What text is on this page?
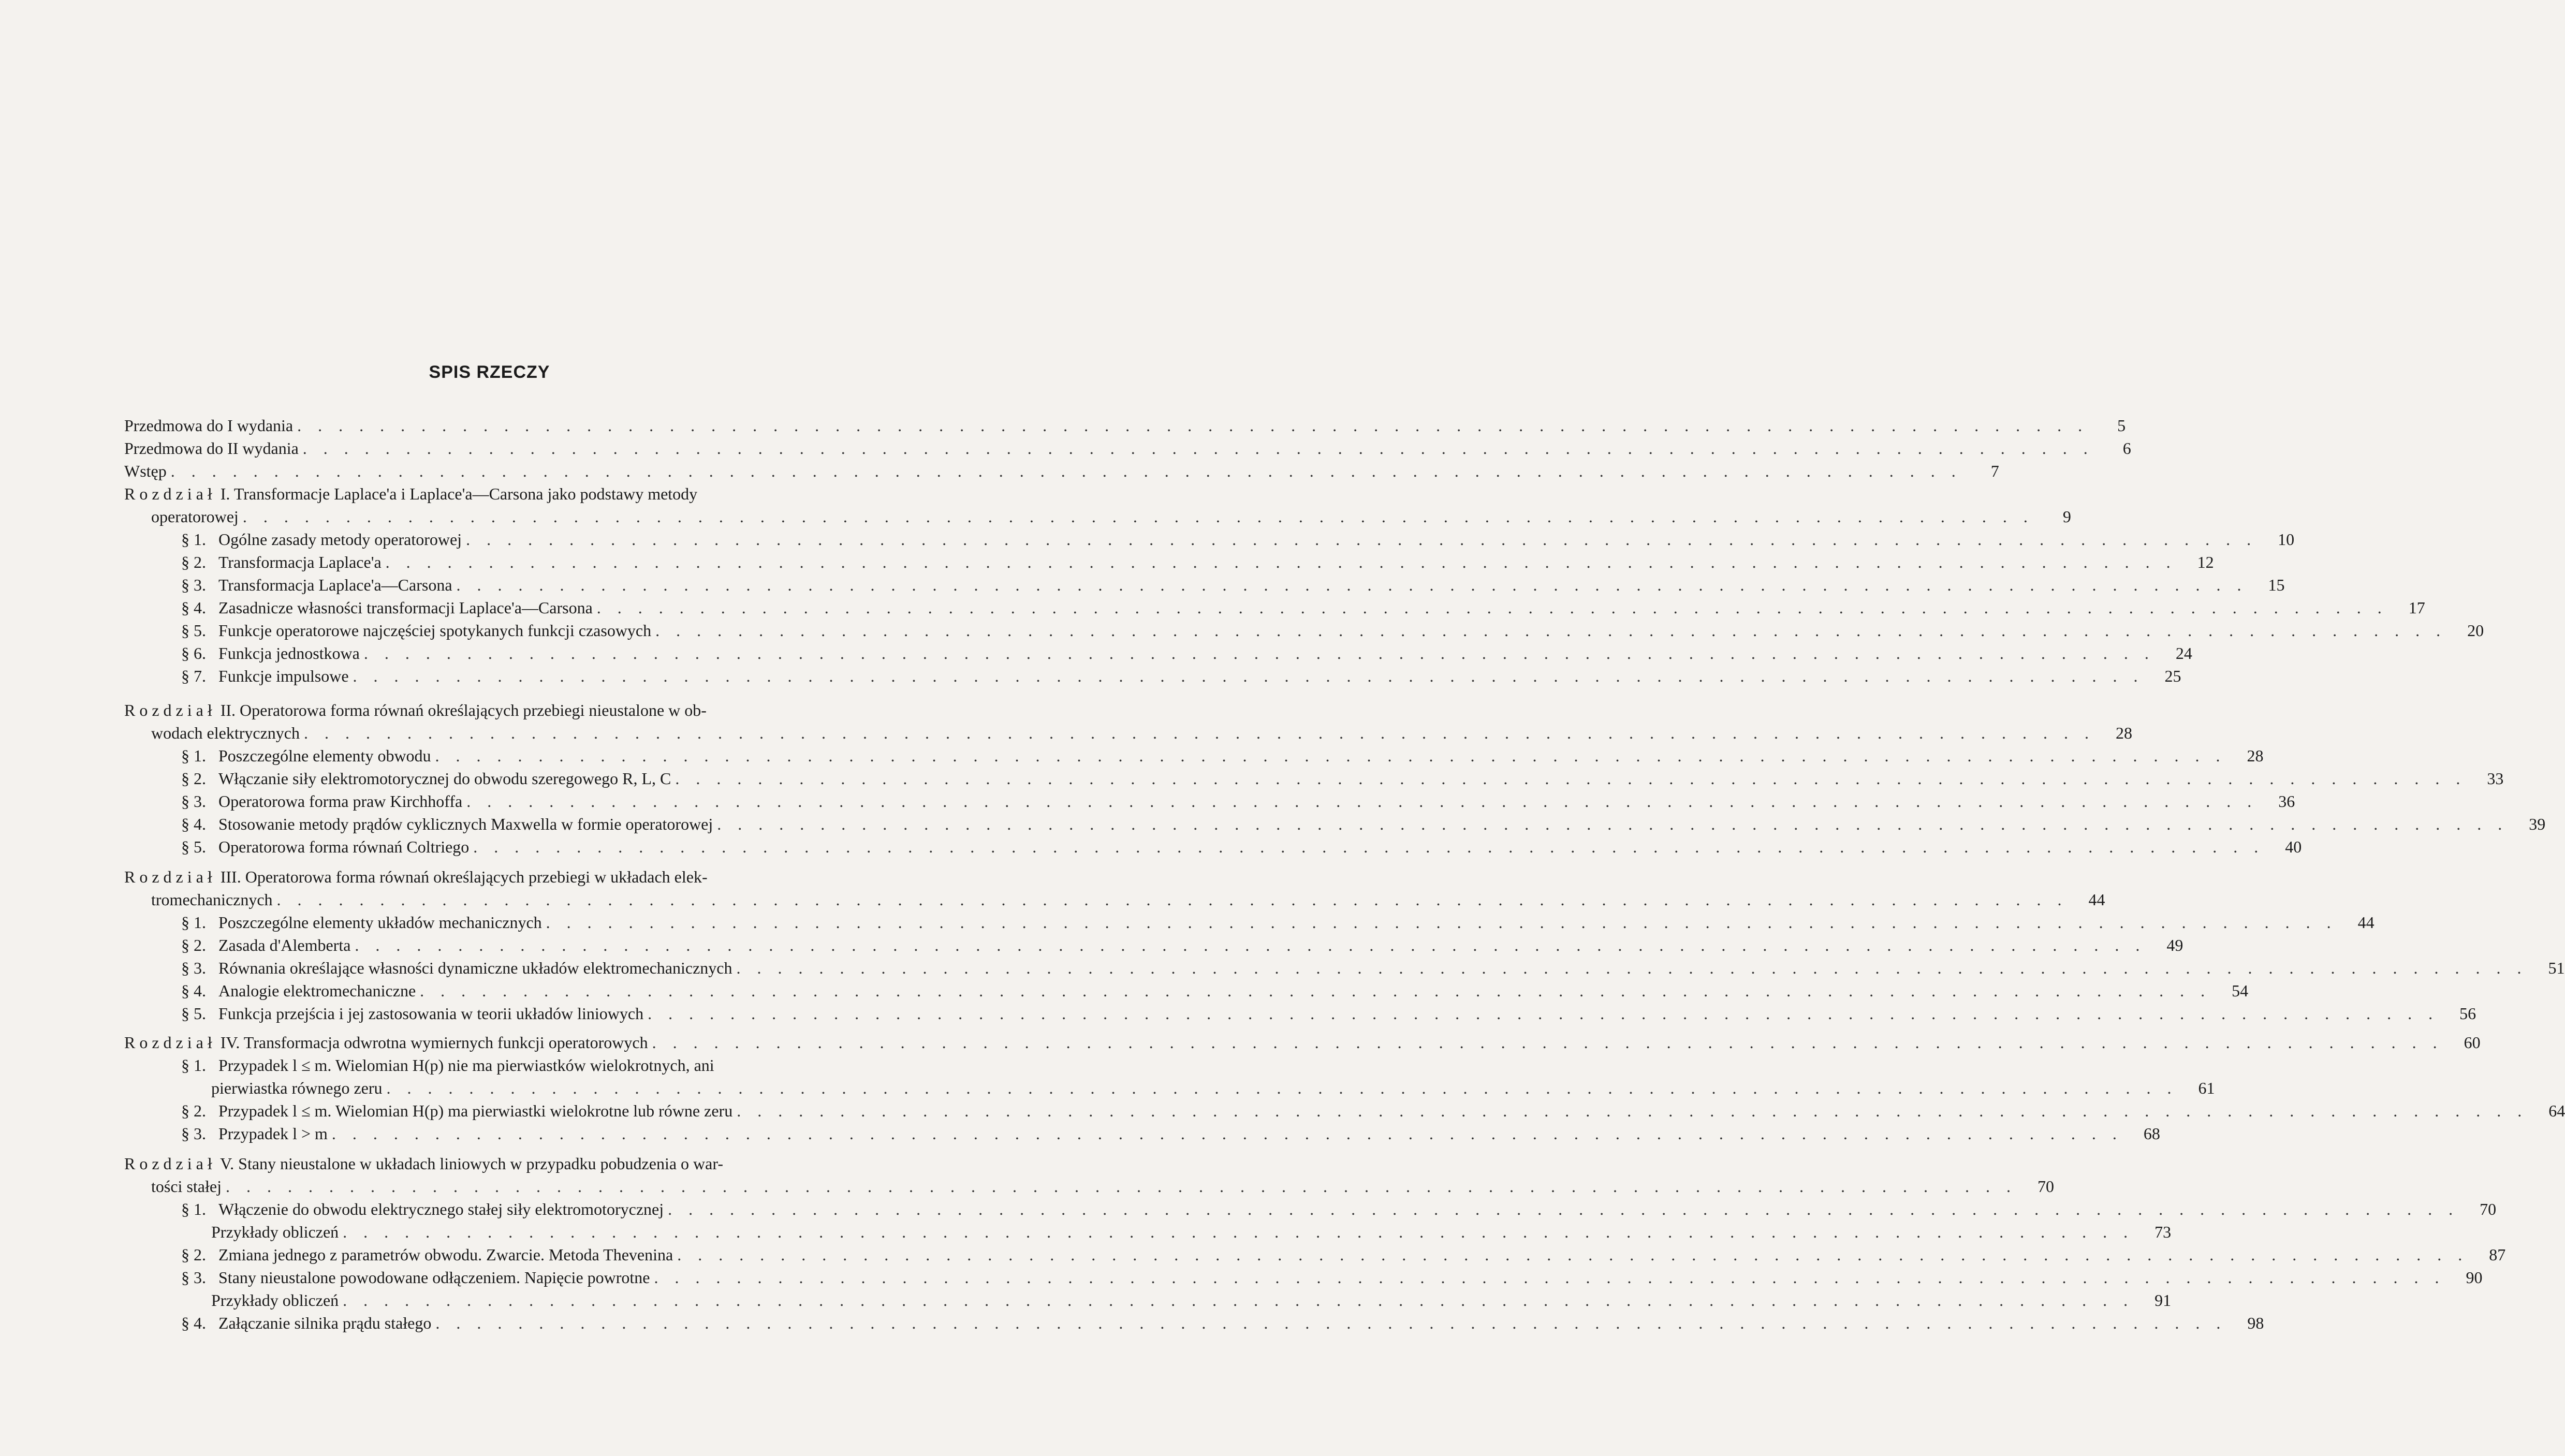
SPIS RZECZY
Przedmowa do I wydania . . . . . . . . . . . . . . . . . . . . . . . . . . . . . . . . . . . . . . . . . . . . . . . . . . . . . . . . . . . . . . . . . . . . . . . . . . . . . . . . . . . . . . .	5
Przedmowa do II wydania . . . . . . . . . . . . . . . . . . . . . . . . . . . . . . . . . . . . . . . . . . . . . . . . . . . . . . . . . . . . . . . . . . . . . . . . . . . . . . . . . . . . . . .	6
Wstęp . . . . . . . . . . . . . . . . . . . . . . . . . . . . . . . . . . . . . . . . . . . . . . . . . . . . . . . . . . . . . . . . . . . . . . . . . . . . . . . . . . . . . . .	7
Rozdział I. Transformacje Laplace'a i Laplace'a—Carsona jako podstawy metody
operatorowej . . . . . . . . . . . . . . . . . . . . . . . . . . . . . . . . . . . . . . . . . . . . . . . . . . . . . . . . . . . . . . . . . . . . . . . . . . . . . . . . . . . . . . .	9
§ 1. Ogólne zasady metody operatorowej . . . . . . . . . . . . . . . . . . . . . . . . . . . . . . . . . . . . . . . . . . . . . . . . . . . . . . . . . . . . . . . . . . . . . . . . . . . . . . . . . . . . . . .	10
§ 2. Transformacja Laplace'a . . . . . . . . . . . . . . . . . . . . . . . . . . . . . . . . . . . . . . . . . . . . . . . . . . . . . . . . . . . . . . . . . . . . . . . . . . . . . . . . . . . . . . .	12
§ 3. Transformacja Laplace'a—Carsona . . . . . . . . . . . . . . . . . . . . . . . . . . . . . . . . . . . . . . . . . . . . . . . . . . . . . . . . . . . . . . . . . . . . . . . . . . . . . . . . . . . . . . .	15
§ 4. Zasadnicze własności transformacji Laplace'a—Carsona . . . . . . . . . . . . . . . . . . . . . . . . . . . . . . . . . . . . . . . . . . . . . . . . . . . . . . . . . . . . . . . . . . . . . . . . . . . . . . . . . . . . . . .	17
§ 5. Funkcje operatorowe najczęściej spotykanych funkcji czasowych . . . . . . . . . . . . . . . . . . . . . . . . . . . . . . . . . . . . . . . . . . . . . . . . . . . . . . . . . . . . . . . . . . . . . . . . . . . . . . . . . . . . . . .	20
§ 6. Funkcja jednostkowa . . . . . . . . . . . . . . . . . . . . . . . . . . . . . . . . . . . . . . . . . . . . . . . . . . . . . . . . . . . . . . . . . . . . . . . . . . . . . . . . . . . . . . .	24
§ 7. Funkcje impulsowe . . . . . . . . . . . . . . . . . . . . . . . . . . . . . . . . . . . . . . . . . . . . . . . . . . . . . . . . . . . . . . . . . . . . . . . . . . . . . . . . . . . . . . .	25
Rozdział II. Operatorowa forma równań określających przebiegi nieustalone w ob-
wodach elektrycznych . . . . . . . . . . . . . . . . . . . . . . . . . . . . . . . . . . . . . . . . . . . . . . . . . . . . . . . . . . . . . . . . . . . . . . . . . . . . . . . . . . . . . . .	28
§ 1. Poszczególne elementy obwodu . . . . . . . . . . . . . . . . . . . . . . . . . . . . . . . . . . . . . . . . . . . . . . . . . . . . . . . . . . . . . . . . . . . . . . . . . . . . . . . . . . . . . . .	28
§ 2. Włączanie siły elektromotorycznej do obwodu szeregowego R, L, C . . . . . . . . . . . . . . . . . . . . . . . . . . . . . . . . . . . . . . . . . . . . . . . . . . . . . . . . . . . . . . . . . . . . . . . . . . . . . . . . . . . . . . .	33
§ 3. Operatorowa forma praw Kirchhoffa . . . . . . . . . . . . . . . . . . . . . . . . . . . . . . . . . . . . . . . . . . . . . . . . . . . . . . . . . . . . . . . . . . . . . . . . . . . . . . . . . . . . . . .	36
§ 4. Stosowanie metody prądów cyklicznych Maxwella w formie operatorowej . . . . . . . . . . . . . . . . . . . . . . . . . . . . . . . . . . . . . . . . . . . . . . . . . . . . . . . . . . . . . . . . . . . . . . . . . . . . . . . . . . . . . . .	39
§ 5. Operatorowa forma równań Coltriego . . . . . . . . . . . . . . . . . . . . . . . . . . . . . . . . . . . . . . . . . . . . . . . . . . . . . . . . . . . . . . . . . . . . . . . . . . . . . . . . . . . . . . .	40
Rozdział III. Operatorowa forma równań określających przebiegi w układach elek-
tromechanicznych . . . . . . . . . . . . . . . . . . . . . . . . . . . . . . . . . . . . . . . . . . . . . . . . . . . . . . . . . . . . . . . . . . . . . . . . . . . . . . . . . . . . . . .	44
§ 1. Poszczególne elementy układów mechanicznych . . . . . . . . . . . . . . . . . . . . . . . . . . . . . . . . . . . . . . . . . . . . . . . . . . . . . . . . . . . . . . . . . . . . . . . . . . . . . . . . . . . . . . .	44
§ 2. Zasada d'Alemberta . . . . . . . . . . . . . . . . . . . . . . . . . . . . . . . . . . . . . . . . . . . . . . . . . . . . . . . . . . . . . . . . . . . . . . . . . . . . . . . . . . . . . . .	49
§ 3. Równania określające własności dynamiczne układów elektromechanicznych . . . . . . . . . . . . . . . . . . . . . . . . . . . . . . . . . . . . . . . . . . . . . . . . . . . . . . . . . . . . . . . . . . . . . . . . . . . . . . . . . . . . . . .	51
§ 4. Analogie elektromechaniczne . . . . . . . . . . . . . . . . . . . . . . . . . . . . . . . . . . . . . . . . . . . . . . . . . . . . . . . . . . . . . . . . . . . . . . . . . . . . . . . . . . . . . . .	54
§ 5. Funkcja przejścia i jej zastosowania w teorii układów liniowych . . . . . . . . . . . . . . . . . . . . . . . . . . . . . . . . . . . . . . . . . . . . . . . . . . . . . . . . . . . . . . . . . . . . . . . . . . . . . . . . . . . . . . .	56
Rozdział IV. Transformacja odwrotna wymiernych funkcji operatorowych . . . . . . . . . . . . . . . . . . . . . . . . . . . . . . . . . . . . . . . . . . . . . . . . . . . . . . . . . . . . . . . . . . . . . . . . . . . . . . . . . . . . . . .	60
§ 1. Przypadek l ≤ m. Wielomian H(p) nie ma pierwiastków wielokrotnych, ani
pierwiastka równego zeru . . . . . . . . . . . . . . . . . . . . . . . . . . . . . . . . . . . . . . . . . . . . . . . . . . . . . . . . . . . . . . . . . . . . . . . . . . . . . . . . . . . . . . .	61
§ 2. Przypadek l ≤ m. Wielomian H(p) ma pierwiastki wielokrotne lub równe zeru . . . . . . . . . . . . . . . . . . . . . . . . . . . . . . . . . . . . . . . . . . . . . . . . . . . . . . . . . . . . . . . . . . . . . . . . . . . . . . . . . . . . . . .	64
§ 3. Przypadek l > m . . . . . . . . . . . . . . . . . . . . . . . . . . . . . . . . . . . . . . . . . . . . . . . . . . . . . . . . . . . . . . . . . . . . . . . . . . . . . . . . . . . . . . .	68
Rozdział V. Stany nieustalone w układach liniowych w przypadku pobudzenia o war-
tości stałej . . . . . . . . . . . . . . . . . . . . . . . . . . . . . . . . . . . . . . . . . . . . . . . . . . . . . . . . . . . . . . . . . . . . . . . . . . . . . . . . . . . . . . .	70
§ 1. Włączenie do obwodu elektrycznego stałej siły elektromotorycznej . . . . . . . . . . . . . . . . . . . . . . . . . . . . . . . . . . . . . . . . . . . . . . . . . . . . . . . . . . . . . . . . . . . . . . . . . . . . . . . . . . . . . . .	70
Przykłady obliczeń . . . . . . . . . . . . . . . . . . . . . . . . . . . . . . . . . . . . . . . . . . . . . . . . . . . . . . . . . . . . . . . . . . . . . . . . . . . . . . . . . . . . . . .	73
§ 2. Zmiana jednego z parametrów obwodu. Zwarcie. Metoda Thevenina . . . . . . . . . . . . . . . . . . . . . . . . . . . . . . . . . . . . . . . . . . . . . . . . . . . . . . . . . . . . . . . . . . . . . . . . . . . . . . . . . . . . . . .	87
§ 3. Stany nieustalone powodowane odłączeniem. Napięcie powrotne . . . . . . . . . . . . . . . . . . . . . . . . . . . . . . . . . . . . . . . . . . . . . . . . . . . . . . . . . . . . . . . . . . . . . . . . . . . . . . . . . . . . . . .	90
Przykłady obliczeń . . . . . . . . . . . . . . . . . . . . . . . . . . . . . . . . . . . . . . . . . . . . . . . . . . . . . . . . . . . . . . . . . . . . . . . . . . . . . . . . . . . . . . .	91
§ 4. Załączanie silnika prądu stałego . . . . . . . . . . . . . . . . . . . . . . . . . . . . . . . . . . . . . . . . . . . . . . . . . . . . . . . . . . . . . . . . . . . . . . . . . . . . . . . . . . . . . . .	98
